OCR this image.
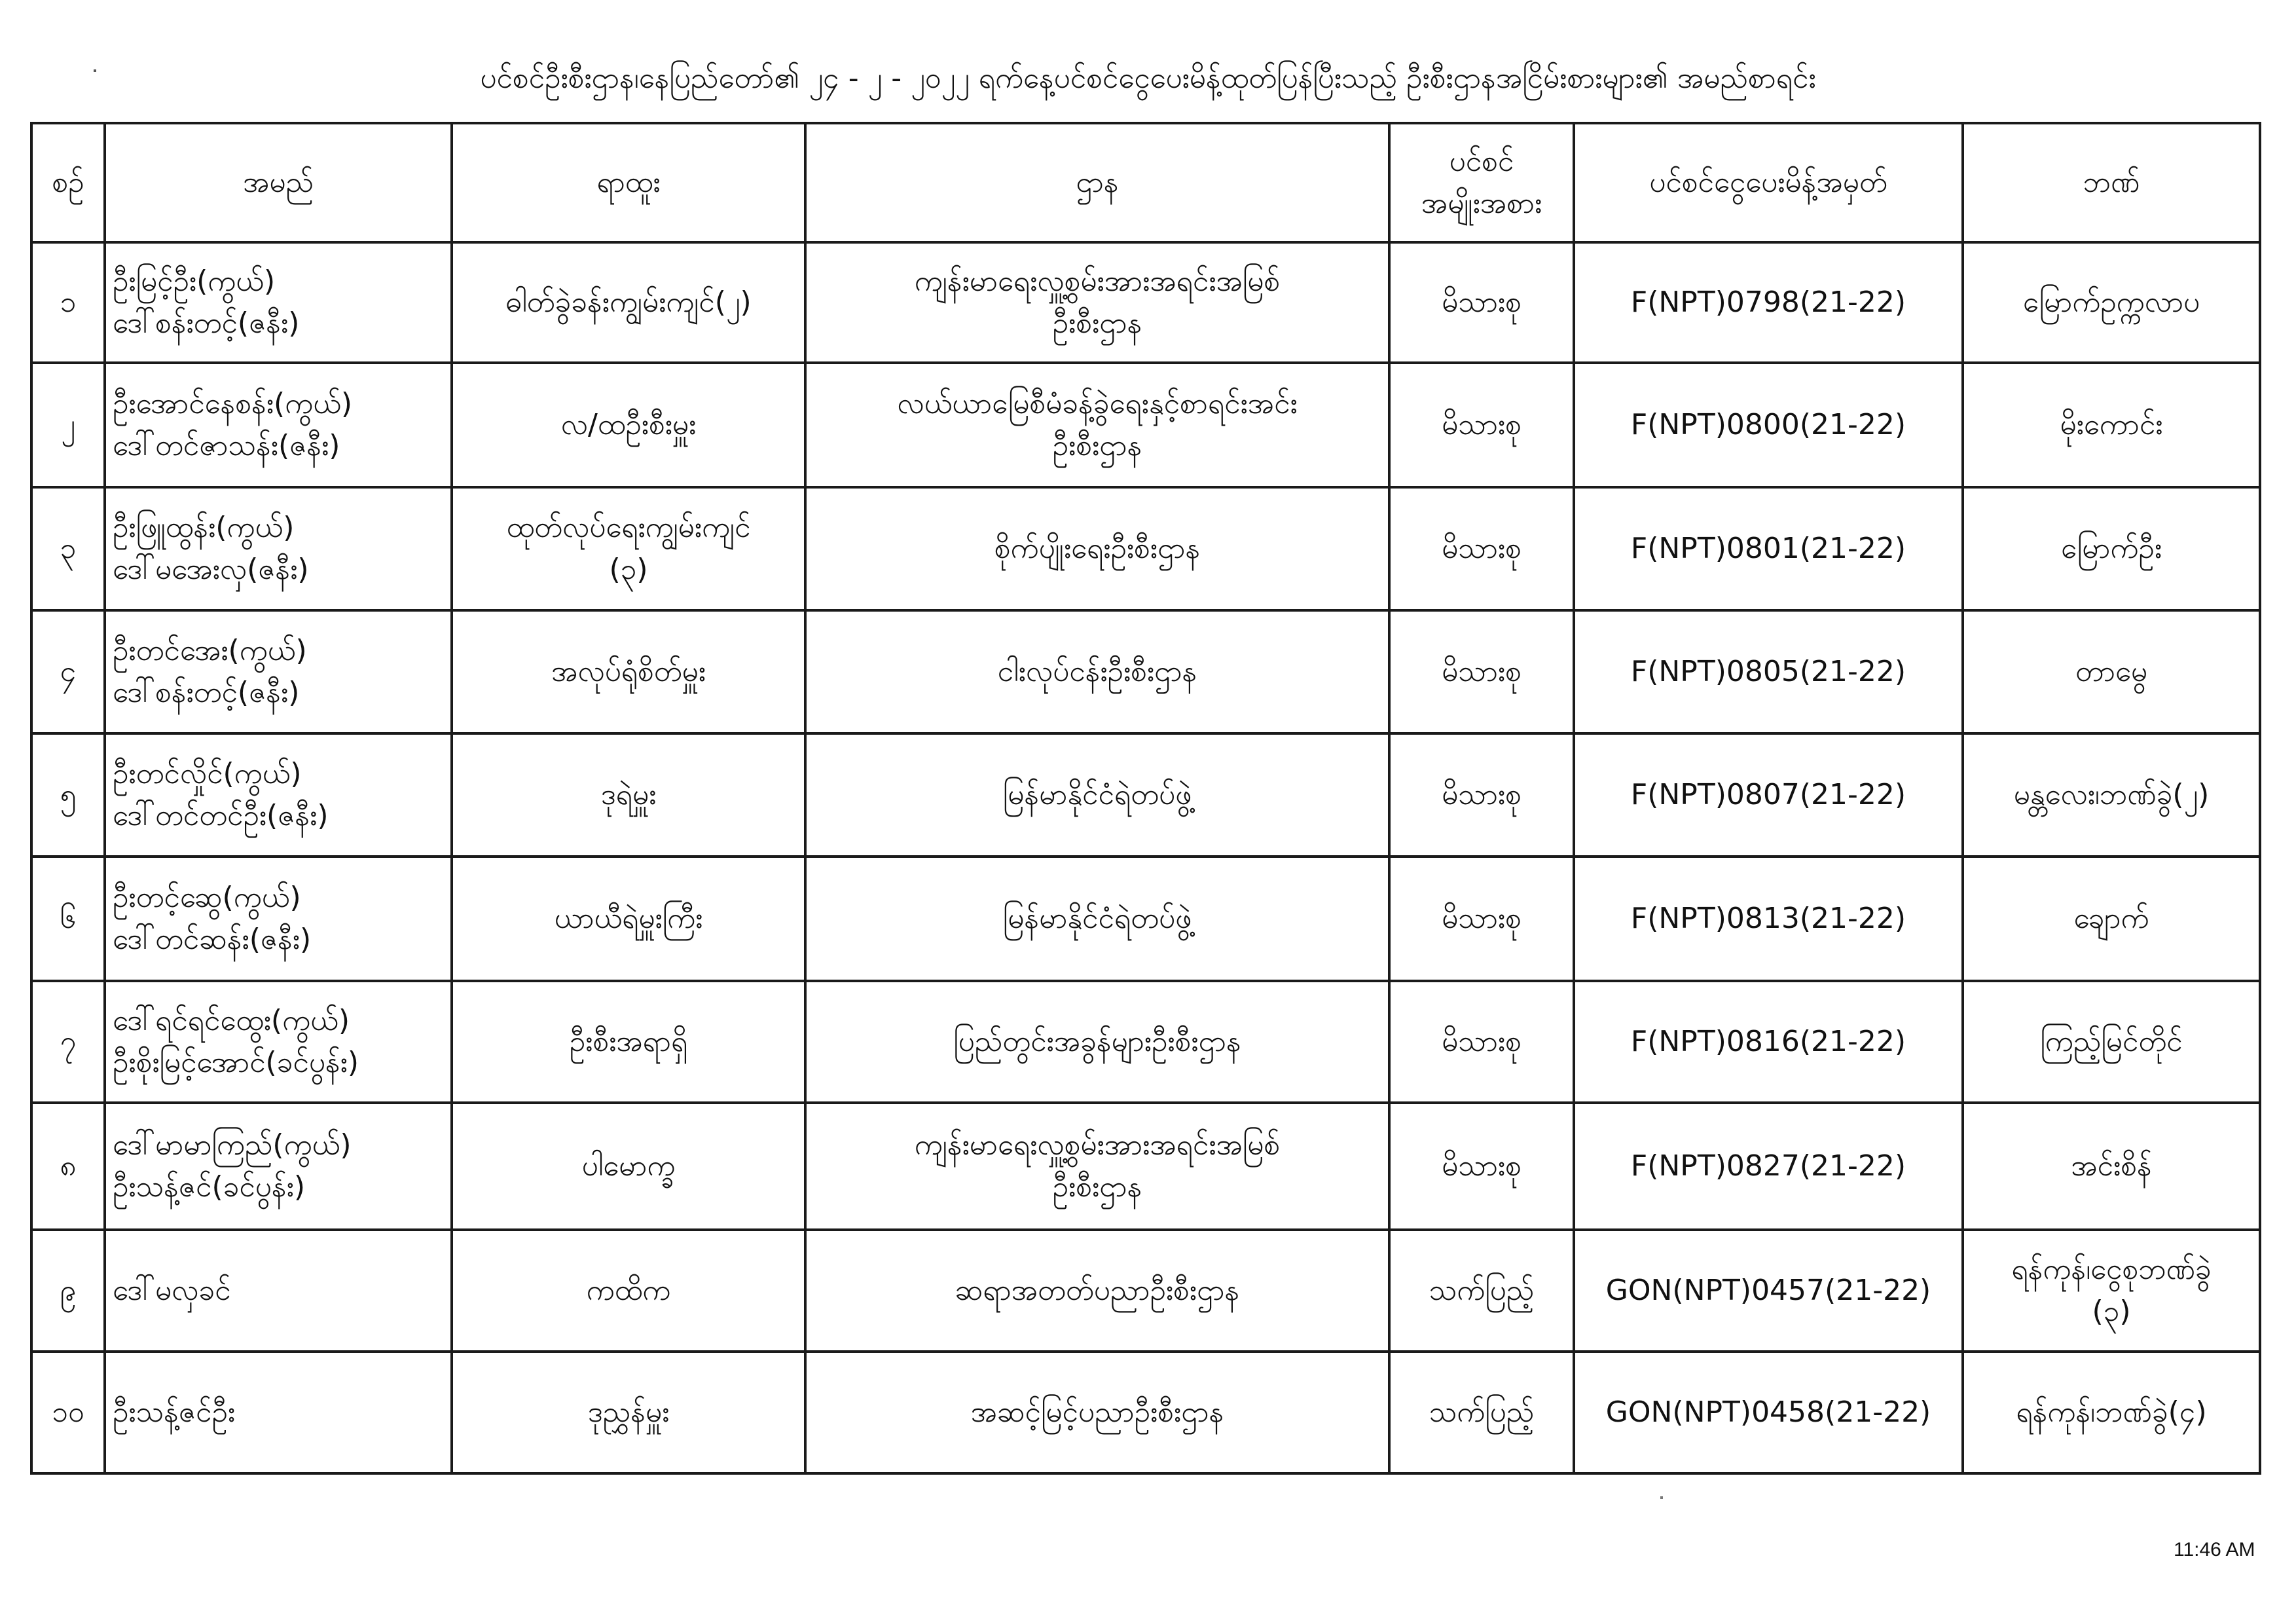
ပင်စင်ဦးစီးဌာန၊နေပြည်တော်၏ ၂၄ - ၂ - ၂၀၂၂ ရက်နေ့ပင်စင်ငွေပေးမိန့်ထုတ်ပြန်ပြီးသည့် ဦးစီးဌာနအငြိမ်းစားများ၏ အမည်စာရင်း
စဉ်	အမည်	ရာထူး	ဌာန	ပင်စင်
အမျိုးအစား	ပင်စင်ငွေပေးမိန့်အမှတ်	ဘဏ်

၁	ဦးမြင့်ဦး(ကွယ်)
ဒေါ်စန်းတင့်(ဇနီး)	ဓါတ်ခွဲခန်းကျွမ်းကျင်(၂)	ကျန်းမာရေးလှူ့စွမ်းအားအရင်းအမြစ်
ဦးစီးဌာန	မိသားစု	F(NPT)0798(21-22)	မြောက်ဥက္ကလာပ

၂	ဦးအောင်နေစန်း(ကွယ်)
ဒေါ်တင်ဇာသန်း(ဇနီး)	လ/ထဦးစီးမှူး	လယ်ယာမြေစီမံခန့်ခွဲရေးနှင့်စာရင်းအင်း
ဦးစီးဌာန	မိသားစု	F(NPT)0800(21-22)	မိုးကောင်း

၃	ဦးဖြူထွန်း(ကွယ်)
ဒေါ်မအေးလှ(ဇနီး)	ထုတ်လုပ်ရေးကျွမ်းကျင်
(၃)	စိုက်ပျိုးရေးဦးစီးဌာန	မိသားစု	F(NPT)0801(21-22)	မြောက်ဦး

၄	ဦးတင်အေး(ကွယ်)
ဒေါ်စန်းတင့်(ဇနီး)	အလုပ်ရုံစိတ်မှူး	ငါးလုပ်ငန်းဦးစီးဌာန	မိသားစု	F(NPT)0805(21-22)	တာမွေ

၅	ဦးတင်လှိုင်(ကွယ်)
ဒေါ်တင်တင်ဦး(ဇနီး)	ဒုရဲမှူး	မြန်မာနိုင်ငံရဲတပ်ဖွဲ့	မိသားစု	F(NPT)0807(21-22)	မန္တလေး၊ဘဏ်ခွဲ(၂)

၆	ဦးတင့်ဆွေ(ကွယ်)
ဒေါ်တင်ဆန်း(ဇနီး)	ယာယီရဲမှူးကြီး	မြန်မာနိုင်ငံရဲတပ်ဖွဲ့	မိသားစု	F(NPT)0813(21-22)	ချောက်

၇	ဒေါ်ရင်ရင်ထွေး(ကွယ်)
ဦးစိုးမြင့်အောင်(ခင်ပွန်း)	ဦးစီးအရာရှိ	ပြည်တွင်းအခွန်များဦးစီးဌာန	မိသားစု	F(NPT)0816(21-22)	ကြည့်မြင်တိုင်

၈	ဒေါ်မာမာကြည်(ကွယ်)
ဦးသန့်ဇင်(ခင်ပွန်း)	ပါမောက္ခ	ကျန်းမာရေးလှူ့စွမ်းအားအရင်းအမြစ်
ဦးစီးဌာန	မိသားစု	F(NPT)0827(21-22)	အင်းစိန်

၉	ဒေါ်မလှခင်	ကထိက	ဆရာအတတ်ပညာဦးစီးဌာန	သက်ပြည့်	GON(NPT)0457(21-22)	ရန်ကုန်၊ငွေစုဘဏ်ခွဲ
(၃)

၁၀	ဦးသန့်ဇင်ဦး	ဒုညွှန်မှူး	အဆင့်မြင့်ပညာဦးစီးဌာန	သက်ပြည့်	GON(NPT)0458(21-22)	ရန်ကုန်၊ဘဏ်ခွဲ(၄)
11:46 AM
